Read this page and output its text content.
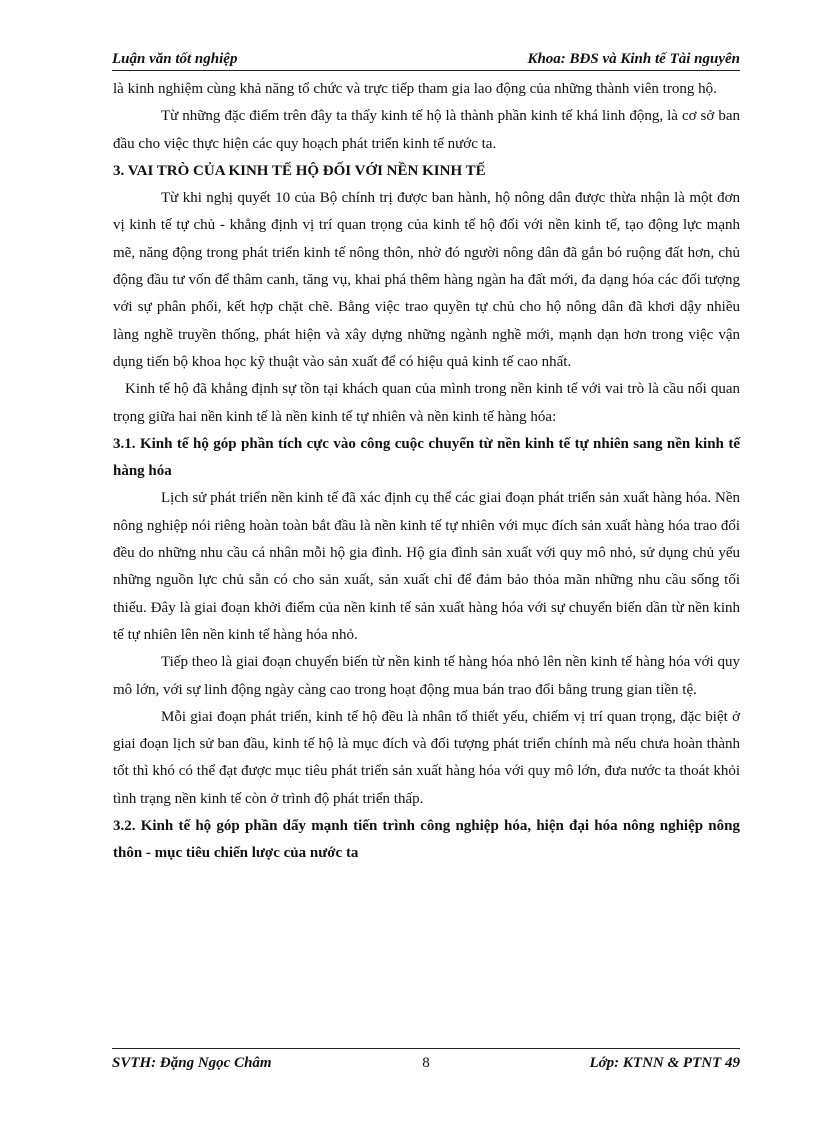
Luận văn tốt nghiệp	Khoa: BĐS và Kinh tế Tài nguyên

là kinh nghiệm cùng khả năng tổ chức và trực tiếp tham gia lao động của những thành viên trong hộ.

Từ những đặc điểm trên đây ta thấy kinh tế hộ là thành phần kinh tế khá linh động, là cơ sở ban đầu cho việc thực hiện các quy hoạch phát triển kinh tế nước ta.

3. VAI TRÒ CỦA KINH TẾ HỘ ĐỐI VỚI NỀN KINH TẾ

Từ khi nghị quyết 10 của Bộ chính trị được ban hành, hộ nông dân được thừa nhận là một đơn vị kinh tế tự chủ - khẳng định vị trí quan trọng của kinh tế hộ đối với nền kinh tế, tạo động lực mạnh mẽ, năng động trong phát triển kinh tế nông thôn, nhờ đó người nông dân đã gắn bó ruộng đất hơn, chủ động đầu tư vốn để thâm canh, tăng vụ, khai phá thêm hàng ngàn ha đất mới, đa dạng hóa các đối tượng với sự phân phối, kết hợp chặt chẽ. Bằng việc trao quyền tự chủ cho hộ nông dân đã khơi dậy nhiều làng nghề truyền thống, phát hiện và xây dựng những ngành nghề mới, mạnh dạn hơn trong việc vận dụng tiến bộ khoa học kỹ thuật vào sản xuất để có hiệu quả kinh tế cao nhất.

Kinh tế hộ đã khẳng định sự tồn tại khách quan của mình trong nền kinh tế với vai trò là cầu nối quan trọng giữa hai nền kinh tế là nền kinh tế tự nhiên và nền kinh tế hàng hóa:

3.1. Kinh tế hộ góp phần tích cực vào công cuộc chuyển từ nền kinh tế tự nhiên sang nền kinh tế hàng hóa

Lịch sử phát triển nền kinh tế đã xác định cụ thể các giai đoạn phát triển sản xuất hàng hóa. Nền nông nghiệp nói riêng hoàn toàn bắt đầu là nền kinh tế tự nhiên với mục đích sản xuất hàng hóa trao đổi đều do những nhu cầu cá nhân mỗi hộ gia đình. Hộ gia đình sản xuất với quy mô nhỏ, sử dụng chủ yếu những nguồn lực chủ sẵn có cho sản xuất, sản xuất chỉ để đảm bảo thỏa mãn những nhu cầu sống tối thiểu. Đây là giai đoạn khởi điểm của nền kinh tế sản xuất hàng hóa với sự chuyển biến dần từ nền kinh tế tự nhiên lên nền kinh tế hàng hóa nhỏ.

Tiếp theo là giai đoạn chuyển biến từ nền kinh tế hàng hóa nhỏ lên nền kinh tế hàng hóa với quy mô lớn, với sự linh động ngày càng cao trong hoạt động mua bán trao đổi bằng trung gian tiền tệ.

Mỗi giai đoạn phát triển, kinh tế hộ đều là nhân tố thiết yếu, chiếm vị trí quan trọng, đặc biệt ở giai đoạn lịch sử ban đầu, kinh tế hộ là mục đích và đối tượng phát triển chính mà nếu chưa hoàn thành tốt thì khó có thể đạt được mục tiêu phát triển sản xuất hàng hóa với quy mô lớn, đưa nước ta thoát khỏi tình trạng nền kinh tế còn ở trình độ phát triển thấp.

3.2. Kinh tế hộ góp phần dẩy mạnh tiến trình công nghiệp hóa, hiện đại hóa nông nghiệp nông thôn - mục tiêu chiến lược của nước ta
SVTH: Đặng Ngọc Châm	8	Lớp: KTNN & PTNT 49
